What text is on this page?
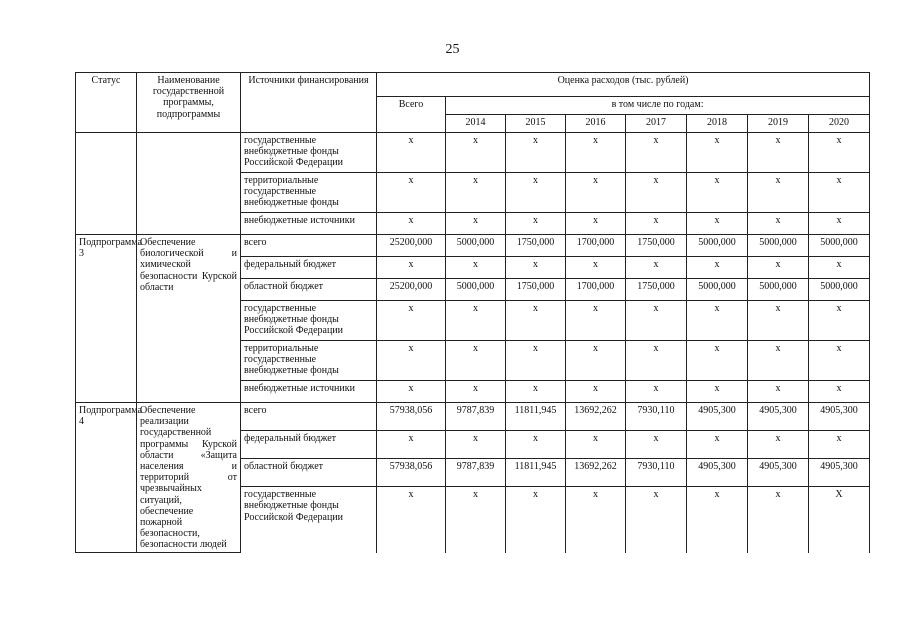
25
Статус	Наименование государственной программы, подпрограммы	Источники финансирования	Оценка расходов (тыс. рублей)							
			Всего	в том числе по годам:						
				2014	2015	2016	2017	2018	2019	2020
		государственные внебюджетные фонды Российской Федерации	x	x	x	x	x	x	x	x
		территориальные государственные внебюджетные фонды	x	x	x	x	x	x	x	x
		внебюджетные источники	x	x	x	x	x	x	x	x
Подпрограмма 3	Обеспечение биологической и химической безопасности Курской области	всего	25200,000	5000,000	1750,000	1700,000	1750,000	5000,000	5000,000	5000,000
		федеральный бюджет	x	x	x	x	x	x	x	x
		областной бюджет	25200,000	5000,000	1750,000	1700,000	1750,000	5000,000	5000,000	5000,000
		государственные внебюджетные фонды Российской Федерации	x	x	x	x	x	x	x	x
		территориальные государственные внебюджетные фонды	x	x	x	x	x	x	x	x
		внебюджетные источники	x	x	x	x	x	x	x	x
Подпрограмма 4	Обеспечение реализации государственной программы Курской области «Защита населения и территорий от чрезвычайных ситуаций, обеспечение пожарной безопасности, безопасности людей	всего	57938,056	9787,839	11811,945	13692,262	7930,110	4905,300	4905,300	4905,300
		федеральный бюджет	x	x	x	x	x	x	x	x
		областной бюджет	57938,056	9787,839	11811,945	13692,262	7930,110	4905,300	4905,300	4905,300
		государственные внебюджетные фонды Российской Федерации	x	x	x	x	x	x	x	X
